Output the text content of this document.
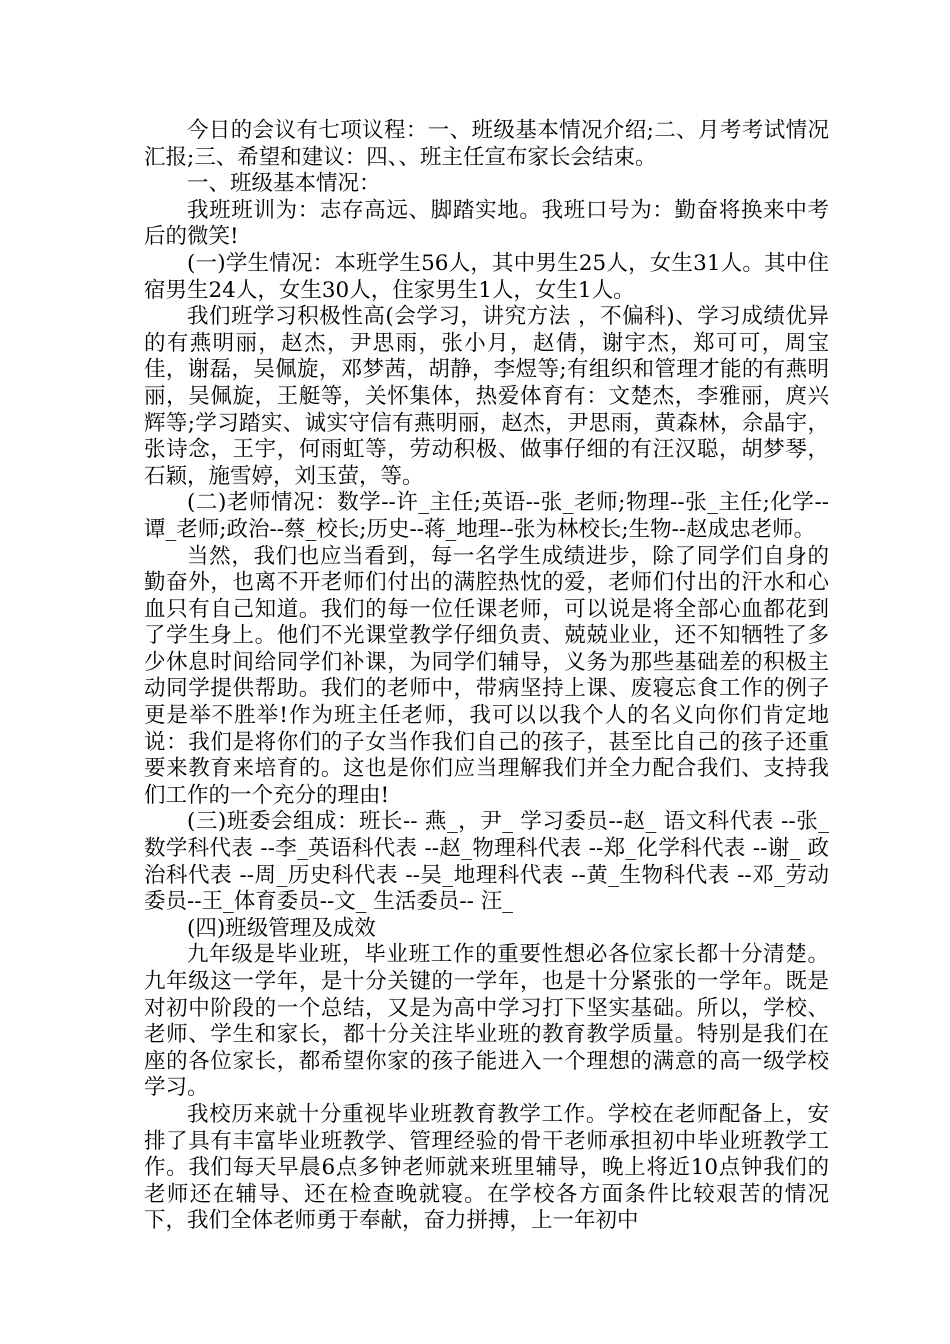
今日的会议有七项议程：一、班级基本情况介绍;二、月考考试情况汇报;三、希望和建议：四、、班主任宣布家长会结束。

一、班级基本情况：

我班班训为：志存高远、脚踏实地。我班口号为：勤奋将换来中考后的微笑!

(一)学生情况：本班学生56人，其中男生25人，女生31人。其中住宿男生24人，女生30人，住家男生1人，女生1人。

我们班学习积极性高(会学习，讲究方法 ，不偏科)、学习成绩优异的有燕明丽，赵杰，尹思雨，张小月，赵倩，谢宇杰，郑可可，周宝佳，谢磊，吴佩旋，邓梦茜，胡静，李煜等;有组织和管理才能的有燕明丽，吴佩旋，王艇等，关怀集体，热爱体育有：文楚杰，李雅丽，庹兴辉等;学习踏实、诚实守信有燕明丽，赵杰，尹思雨，黄森林，佘晶宇，张诗念，王宇，何雨虹等，劳动积极、做事仔细的有汪汉聪，胡梦琴，石颖，施雪婷，刘玉萤，等。

(二)老师情况：数学--许_主任;英语--张_老师;物理--张_主任;化学--谭_老师;政治--蔡_校长;历史--蒋_地理--张为林校长;生物--赵成忠老师。

当然，我们也应当看到，每一名学生成绩进步，除了同学们自身的勤奋外，也离不开老师们付出的满腔热忱的爱，老师们付出的汗水和心血只有自己知道。我们的每一位任课老师，可以说是将全部心血都花到了学生身上。他们不光课堂教学仔细负责、兢兢业业，还不知牺牲了多少休息时间给同学们补课，为同学们辅导，义务为那些基础差的积极主动同学提供帮助。我们的老师中，带病坚持上课、废寝忘食工作的例子更是举不胜举!作为班主任老师，我可以以我个人的名义向你们肯定地说：我们是将你们的子女当作我们自己的孩子，甚至比自己的孩子还重要来教育来培育的。这也是你们应当理解我们并全力配合我们、支持我们工作的一个充分的理由!

(三)班委会组成：班长-- 燕_，尹_ 学习委员--赵_ 语文科代表 --张_ 数学科代表 --李_英语科代表 --赵_物理科代表 --郑_化学科代表 --谢_ 政治科代表 --周_历史科代表 --吴_地理科代表 --黄_生物科代表 --邓_劳动委员--王_体育委员--文_ 生活委员-- 汪_

(四)班级管理及成效

九年级是毕业班，毕业班工作的重要性想必各位家长都十分清楚。九年级这一学年，是十分关键的一学年，也是十分紧张的一学年。既是对初中阶段的一个总结，又是为高中学习打下坚实基础。所以，学校、老师、学生和家长，都十分关注毕业班的教育教学质量。特别是我们在座的各位家长，都希望你家的孩子能进入一个理想的满意的高一级学校学习。

我校历来就十分重视毕业班教育教学工作。学校在老师配备上，安排了具有丰富毕业班教学、管理经验的骨干老师承担初中毕业班教学工作。我们每天早晨6点多钟老师就来班里辅导，晚上将近10点钟我们的老师还在辅导、还在检查晚就寝。在学校各方面条件比较艰苦的情况下，我们全体老师勇于奉献，奋力拼搏，上一年初中
